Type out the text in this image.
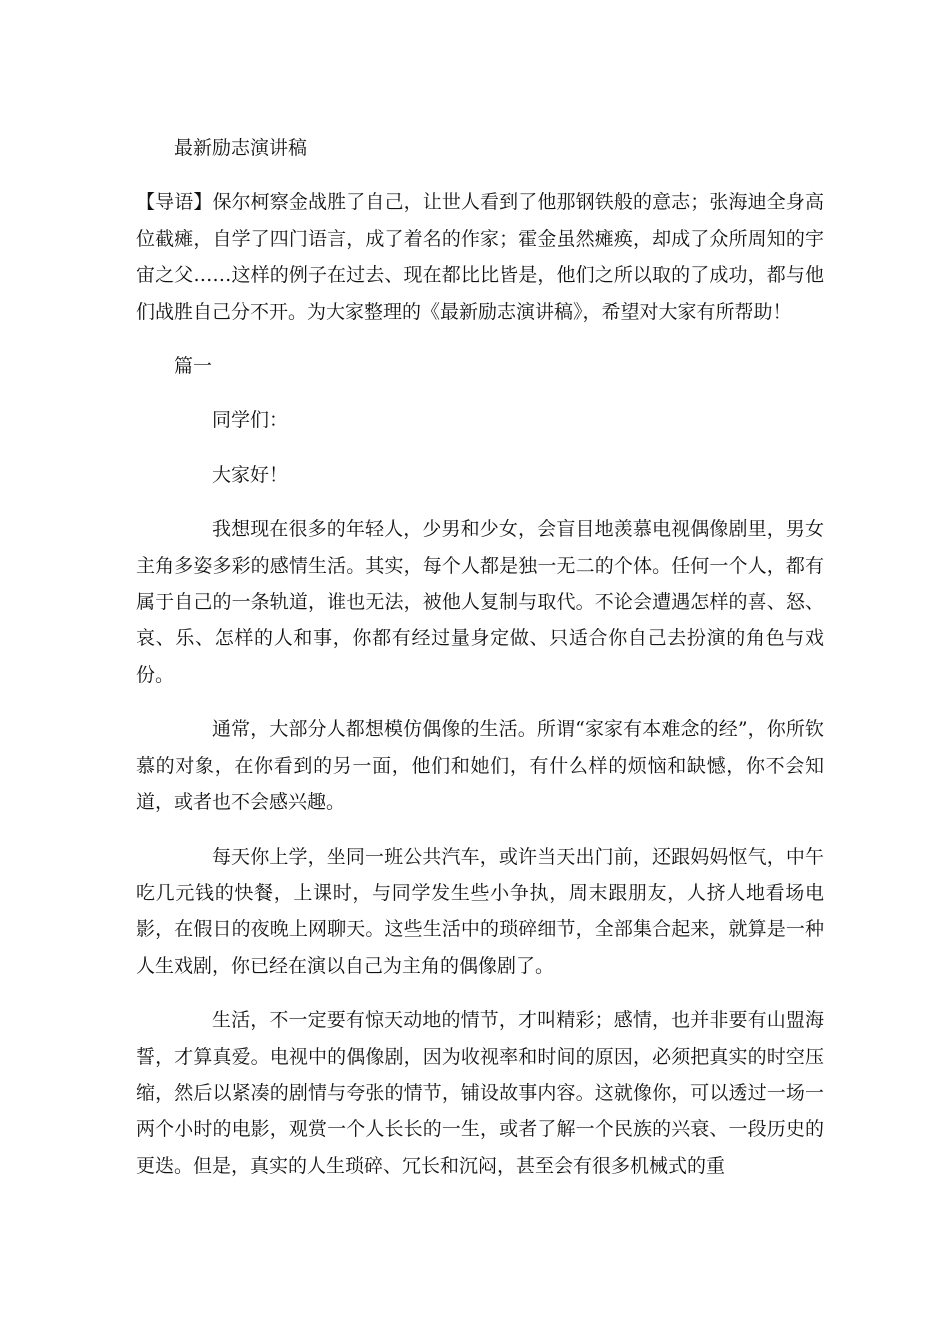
最新励志演讲稿

【导语】保尔柯察金战胜了自己，让世人看到了他那钢铁般的意志；张海迪全身高位截瘫，自学了四门语言，成了着名的作家；霍金虽然瘫痪，却成了众所周知的宇宙之父……这样的例子在过去、现在都比比皆是，他们之所以取的了成功，都与他们战胜自己分不开。为大家整理的《最新励志演讲稿》，希望对大家有所帮助！

篇一

同学们：

大家好！

我想现在很多的年轻人，少男和少女，会盲目地羡慕电视偶像剧里，男女主角多姿多彩的感情生活。其实，每个人都是独一无二的个体。任何一个人，都有属于自己的一条轨道，谁也无法，被他人复制与取代。不论会遭遇怎样的喜、怒、哀、乐、怎样的人和事，你都有经过量身定做、只适合你自己去扮演的角色与戏份。

通常，大部分人都想模仿偶像的生活。所谓“家家有本难念的经”，你所钦慕的对象，在你看到的另一面，他们和她们，有什么样的烦恼和缺憾，你不会知道，或者也不会感兴趣。

每天你上学，坐同一班公共汽车，或许当天出门前，还跟妈妈怄气，中午吃几元钱的快餐，上课时，与同学发生些小争执，周末跟朋友，人挤人地看场电影，在假日的夜晚上网聊天。这些生活中的琐碎细节，全部集合起来，就算是一种人生戏剧，你已经在演以自己为主角的偶像剧了。

生活，不一定要有惊天动地的情节，才叫精彩；感情，也并非要有山盟海誓，才算真爱。电视中的偶像剧，因为收视率和时间的原因，必须把真实的时空压缩，然后以紧凑的剧情与夸张的情节，铺设故事内容。这就像你，可以透过一场一两个小时的电影，观赏一个人长长的一生，或者了解一个民族的兴衰、一段历史的更迭。但是，真实的人生琐碎、冗长和沉闷，甚至会有很多机械式的重
